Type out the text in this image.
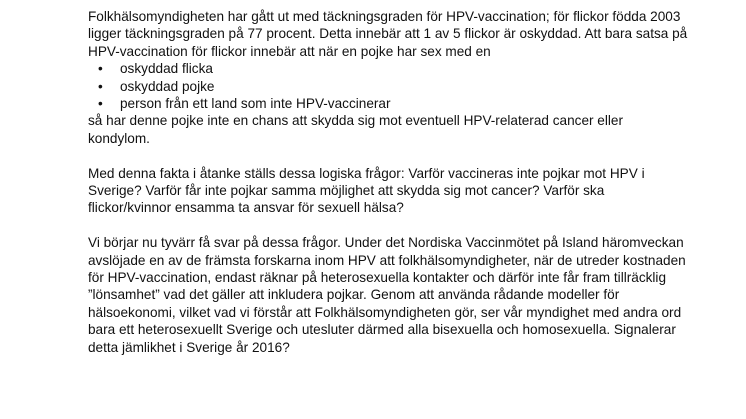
Folkhälsomyndigheten har gått ut med täckningsgraden för HPV-vaccination; för flickor födda 2003 ligger täckningsgraden på 77 procent. Detta innebär att 1 av 5 flickor är oskyddad. Att bara satsa på HPV-vaccination för flickor innebär att när en pojke har sex med en

• oskyddad flicka
• oskyddad pojke
• person från ett land som inte HPV-vaccinerar

så har denne pojke inte en chans att skydda sig mot eventuell HPV-relaterad cancer eller kondylom.

Med denna fakta i åtanke ställs dessa logiska frågor: Varför vaccineras inte pojkar mot HPV i Sverige? Varför får inte pojkar samma möjlighet att skydda sig mot cancer? Varför ska flickor/kvinnor ensamma ta ansvar för sexuell hälsa?

Vi börjar nu tyvärr få svar på dessa frågor. Under det Nordiska Vaccinmötet på Island häromveckan avslöjade en av de främsta forskarna inom HPV att folkhälsomyndigheter, när de utreder kostnaden för HPV-vaccination, endast räknar på heterosexuella kontakter och därför inte får fram tillräcklig ”lönsamhet” vad det gäller att inkludera pojkar. Genom att använda rådande modeller för hälsoekonomi, vilket vad vi förstår att Folkhälsomyndigheten gör, ser vår myndighet med andra ord bara ett heterosexuellt Sverige och utesluter därmed alla bisexuella och homosexuella. Signalerar detta jämlikhet i Sverige år 2016?
